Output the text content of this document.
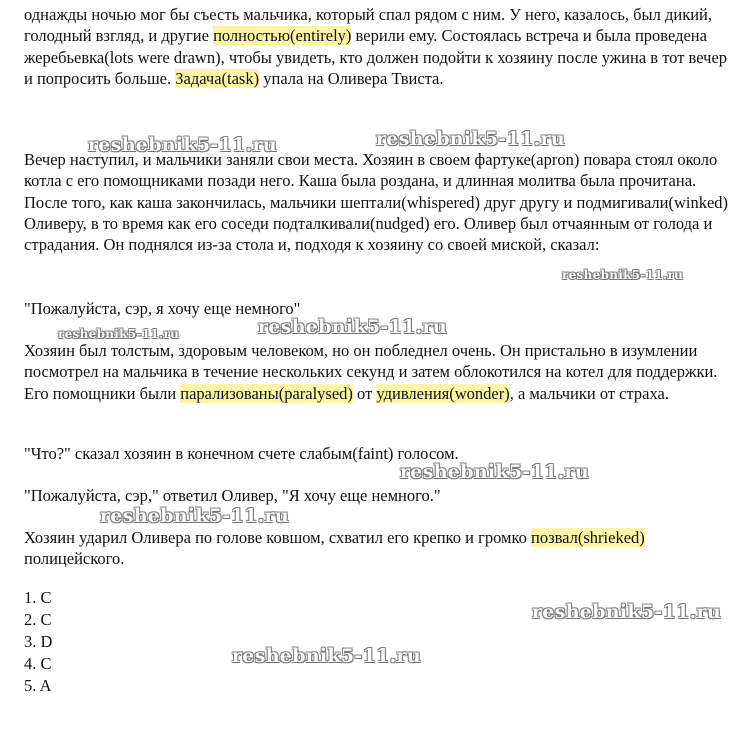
однажды ночью мог бы съесть мальчика, который спал рядом с ним. У него, казалось, был дикий, голодный взгляд, и другие полностью(entirely) верили ему. Состоялась встреча и была проведена жеребьевка(lots were drawn), чтобы увидеть, кто должен подойти к хозяину после ужина в тот вечер и попросить больше. Задача(task) упала на Оливера Твиста.
Вечер наступил, и мальчики заняли свои места. Хозяин в своем фартуке(apron) повара стоял около котла с его помощниками позади него. Каша была роздана, и длинная молитва была прочитана. После того, как каша закончилась, мальчики шептали(whispered) друг другу и подмигивали(winked) Оливеру, в то время как его соседи подталкивали(nudged) его. Оливер был отчаянным от голода и страдания. Он поднялся из-за стола и, подходя к хозяину со своей миской, сказал:
"Пожалуйста, сэр, я хочу еще немного"
Хозяин был толстым, здоровым человеком, но он побледнел очень. Он пристально в изумлении посмотрел на мальчика в течение нескольких секунд и затем облокотился на котел для поддержки. Его помощники были парализованы(paralysed) от удивления(wonder), а мальчики от страха.
"Что?" сказал хозяин в конечном счете слабым(faint) голосом.
"Пожалуйста, сэр," ответил Оливер, "Я хочу еще немного."
Хозяин ударил Оливера по голове ковшом, схватил его крепко и громко позвал(shrieked) полицейского.
1. C
2. C
3. D
4. C
5. A
reshebnik5-11.ru	reshebnik5-11.ru
reshebnik5-11.ru
reshebnik5-11.ru	reshebnik5-11.ru
reshebnik5-11.ru
reshebnik5-11.ru
reshebnik5-11.ru
reshebnik5-11.ru
